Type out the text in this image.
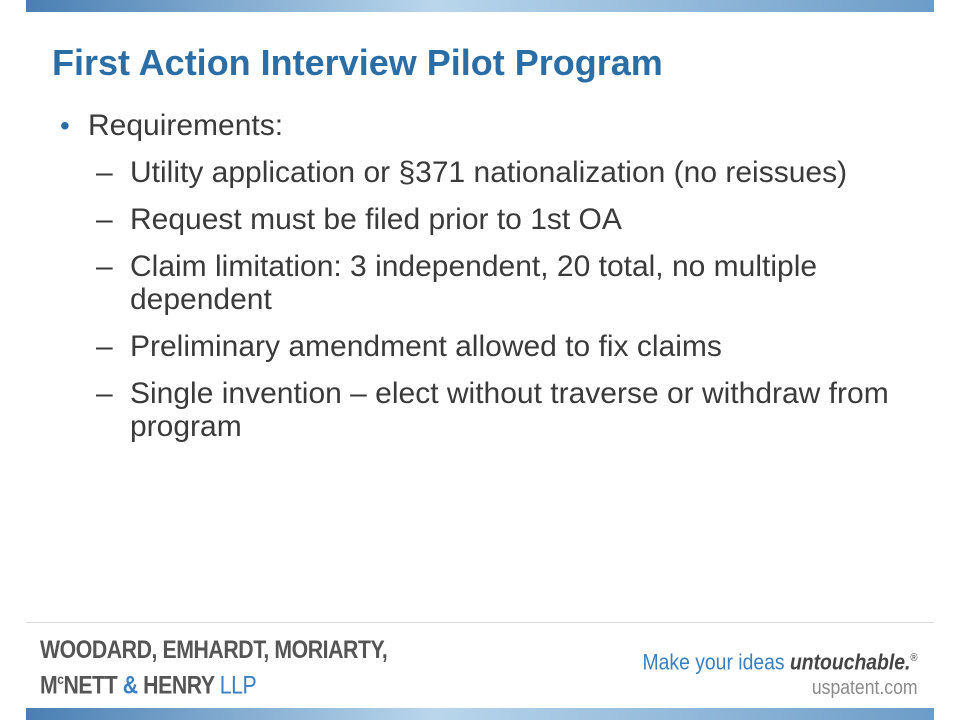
First Action Interview Pilot Program
• Requirements:
– Utility application or §371 nationalization (no reissues)
– Request must be filed prior to 1st OA
– Claim limitation: 3 independent, 20 total, no multiple dependent
– Preliminary amendment allowed to fix claims
– Single invention – elect without traverse or withdraw from program
WOODARD, EMHARDT, MORIARTY,
$M^cNETT$ & HENRY LLP
Make your ideas untouchable.®
uspatent.com
